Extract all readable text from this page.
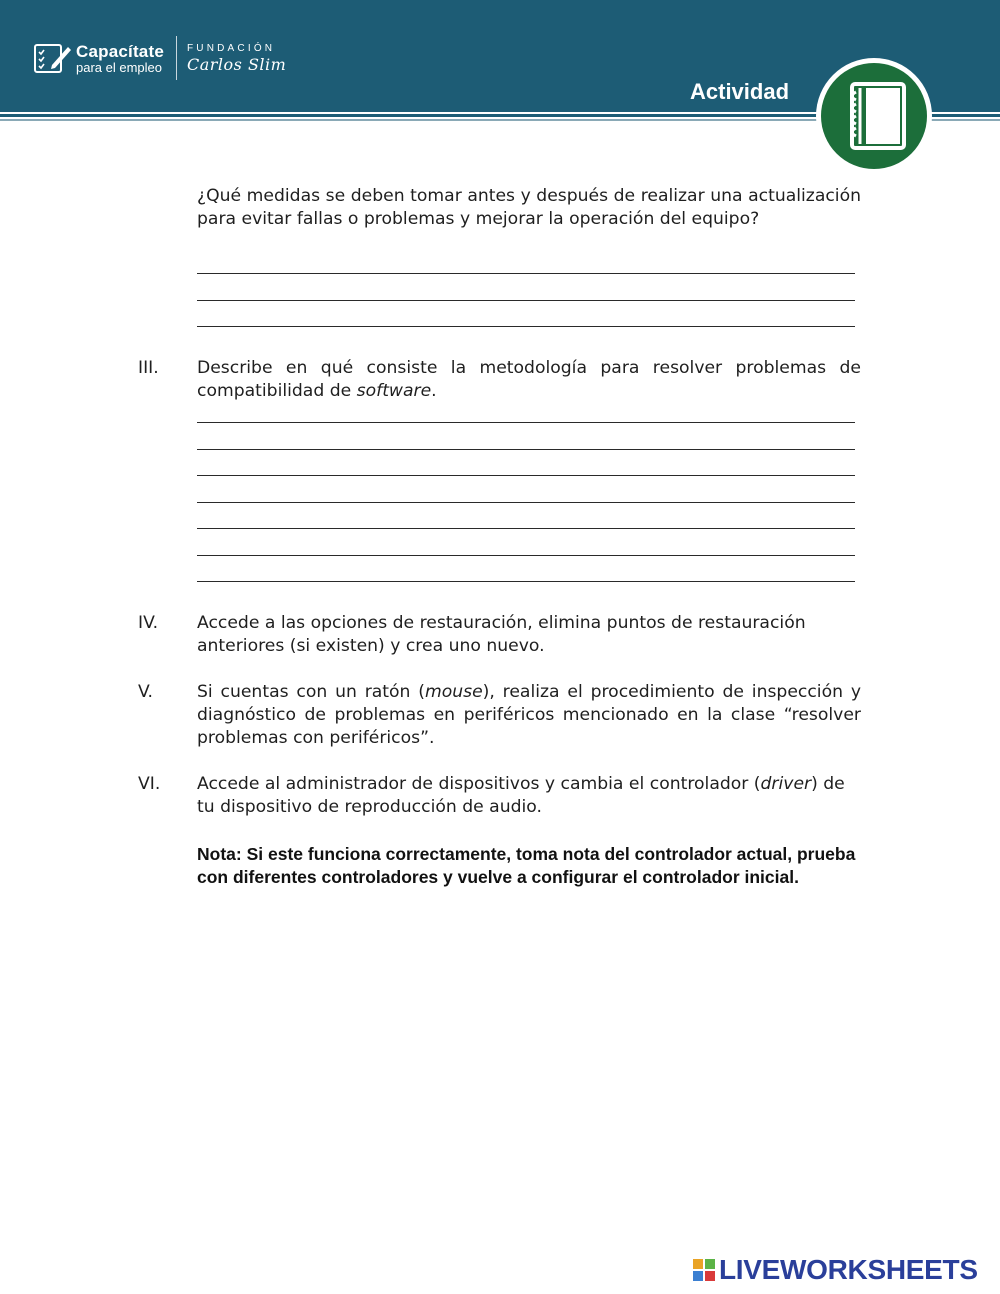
Capacítate
para el empleo
FUNDACIÓN
Carlos Slim
Actividad

¿Qué medidas se deben tomar antes y después de realizar una actualización para evitar fallas o problemas y mejorar la operación del equipo?

III. Describe en qué consiste la metodología para resolver problemas de compatibilidad de software.

IV. Accede a las opciones de restauración, elimina puntos de restauración anteriores (si existen) y crea uno nuevo.

V.	Si cuentas con un ratón (mouse), realiza el procedimiento de inspección y diagnóstico de problemas en periféricos mencionado en la clase “resolver problemas con periféricos”.

VI. Accede al administrador de dispositivos y cambia el controlador (driver) de tu dispositivo de reproducción de audio.

Nota: Si este funciona correctamente, toma nota del controlador actual, prueba con diferentes controladores y vuelve a configurar el controlador inicial.

LIVEWORKSHEETS
